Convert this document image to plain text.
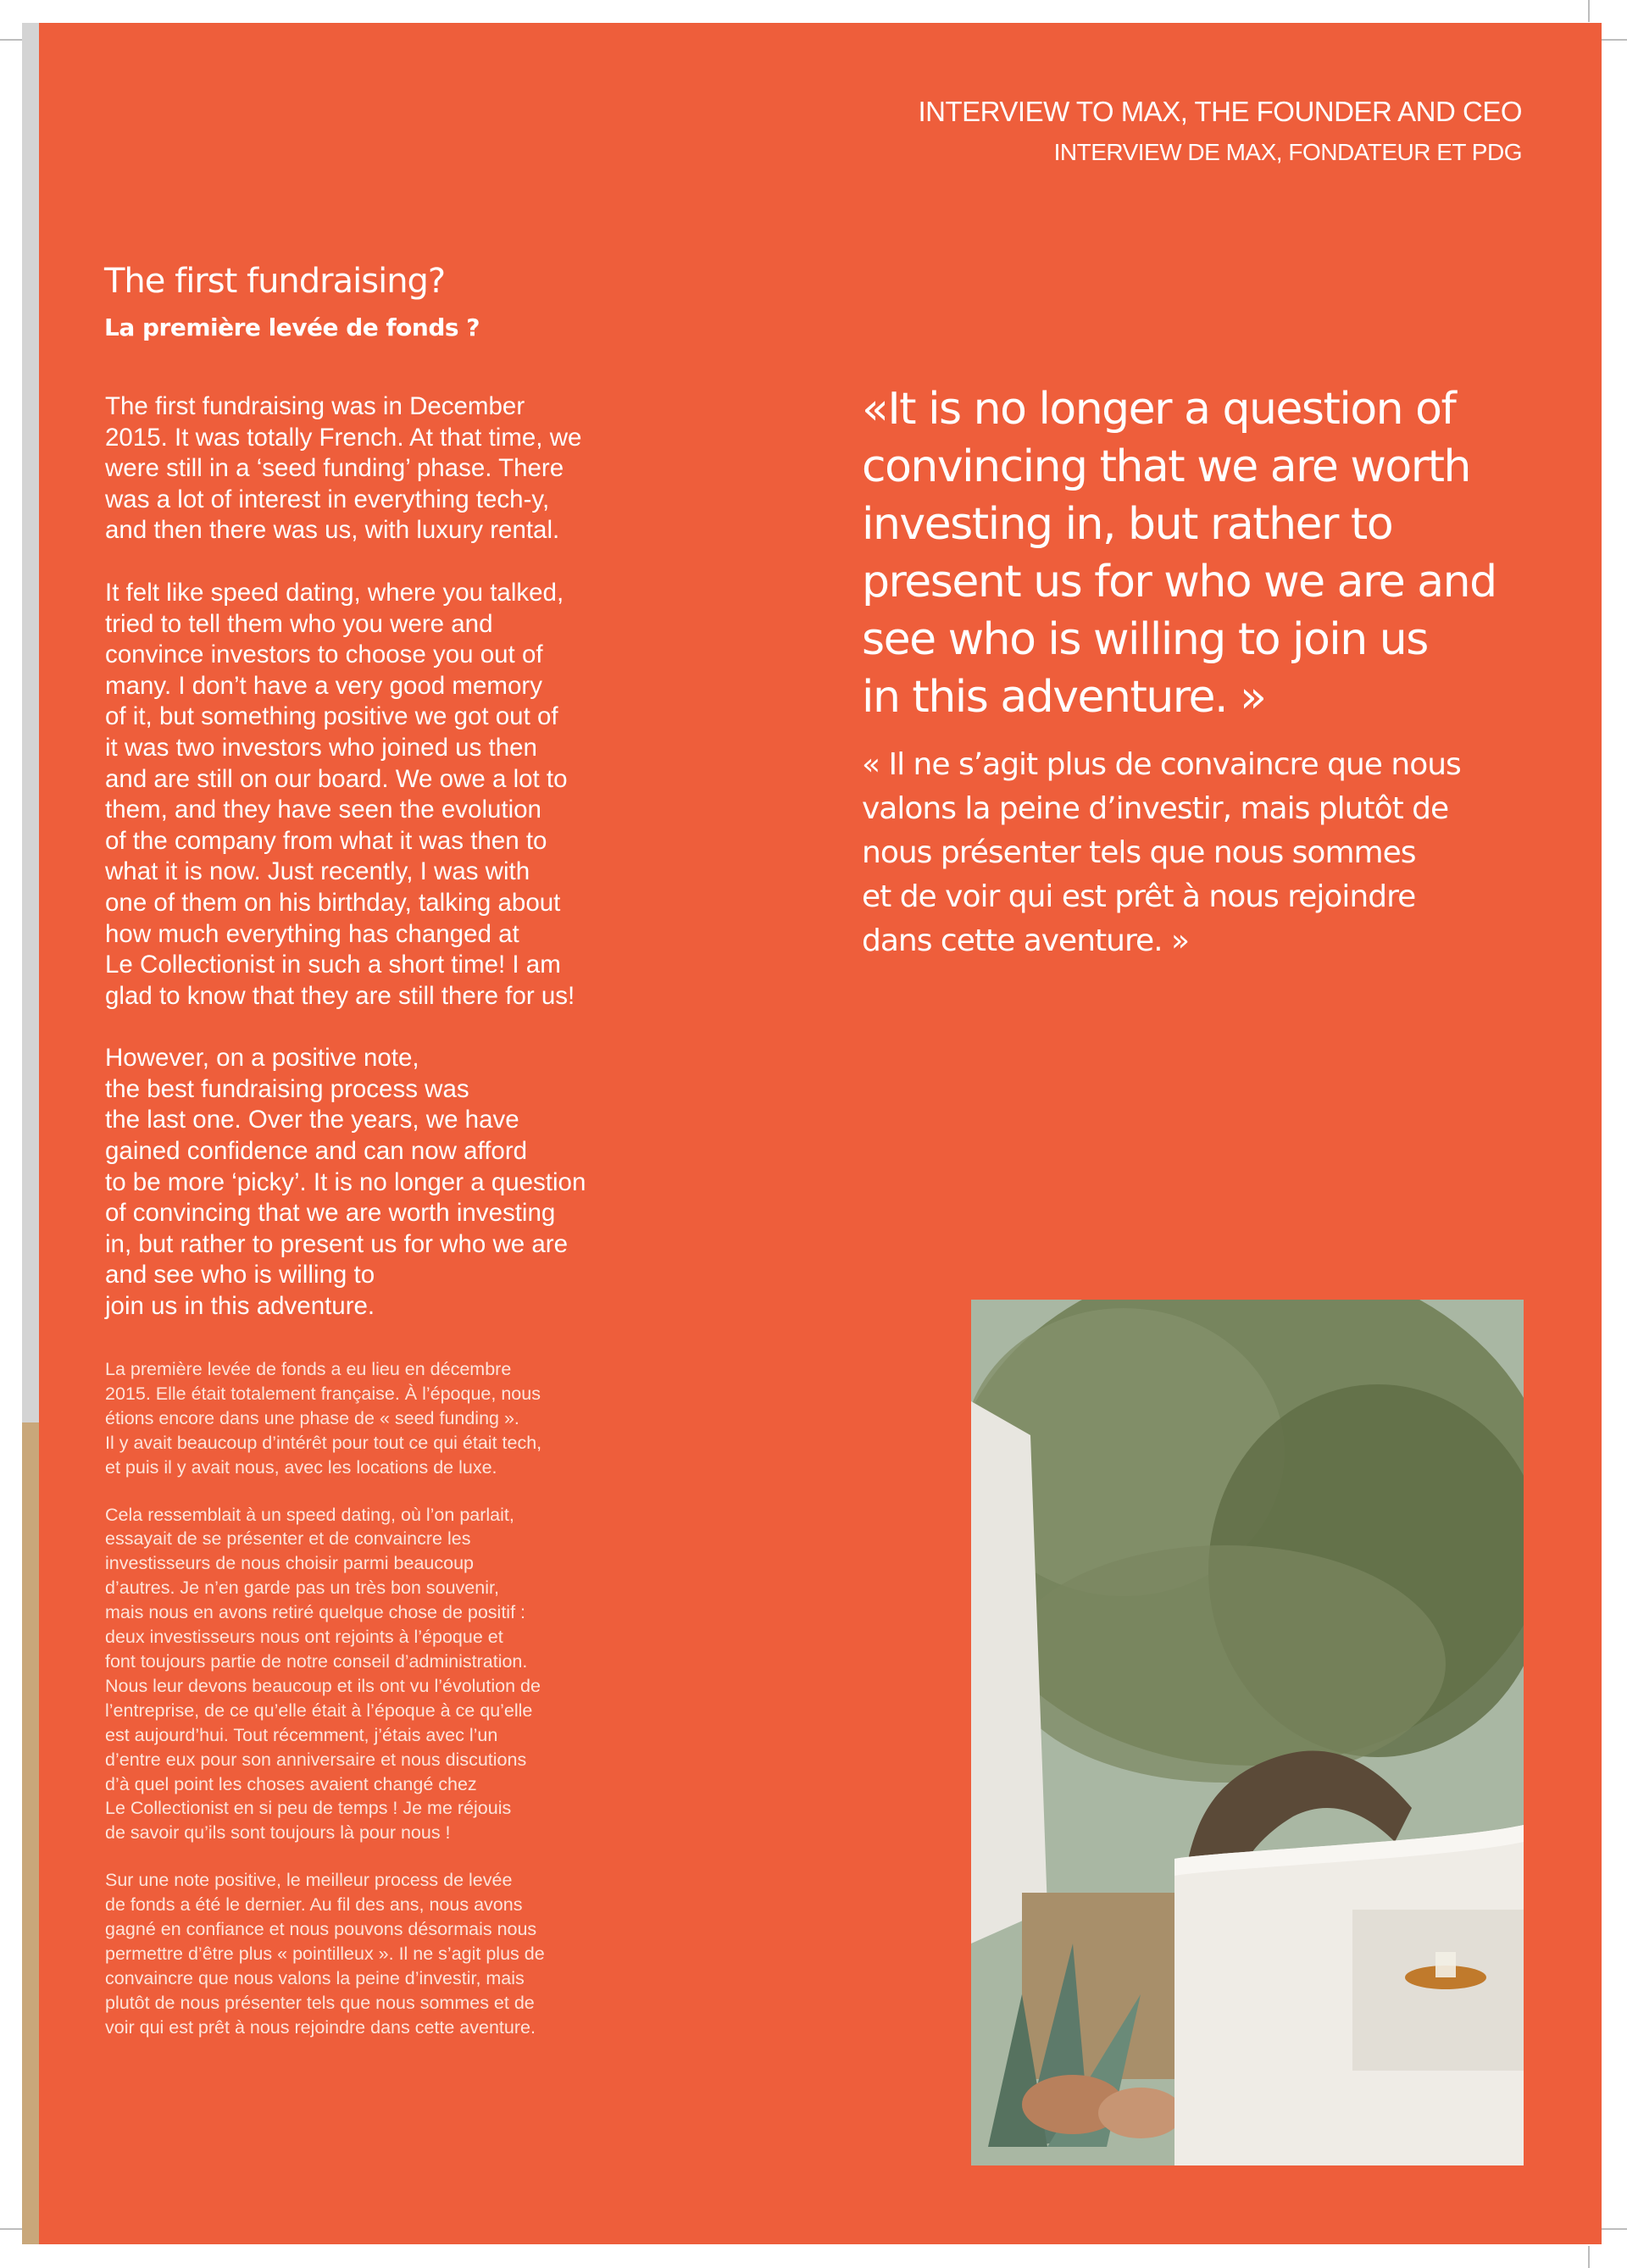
INTERVIEW TO MAX, THE FOUNDER AND CEO
INTERVIEW DE MAX, FONDATEUR ET PDG
The first fundraising?
La première levée de fonds ?

The first fundraising was in December
2015. It was totally French. At that time, we
were still in a ‘seed funding’ phase. There
was a lot of interest in everything tech-y,
and then there was us, with luxury rental.

It felt like speed dating, where you talked,
tried to tell them who you were and
convince investors to choose you out of
many. I don’t have a very good memory
of it, but something positive we got out of
it was two investors who joined us then
and are still on our board. We owe a lot to
them, and they have seen the evolution
of the company from what it was then to
what it is now. Just recently, I was with
one of them on his birthday, talking about
how much everything has changed at
Le Collectionist in such a short time! I am
glad to know that they are still there for us!

However, on a positive note,
the best fundraising process was
the last one. Over the years, we have
gained confidence and can now afford
to be more ‘picky’. It is no longer a question
of convincing that we are worth investing
in, but rather to present us for who we are
and see who is willing to
join us in this adventure.

La première levée de fonds a eu lieu en décembre
2015. Elle était totalement française. À l’époque, nous
étions encore dans une phase de « seed funding ».
Il y avait beaucoup d’intérêt pour tout ce qui était tech,
et puis il y avait nous, avec les locations de luxe.

Cela ressemblait à un speed dating, où l’on parlait,
essayait de se présenter et de convaincre les
investisseurs de nous choisir parmi beaucoup
d’autres. Je n’en garde pas un très bon souvenir,
mais nous en avons retiré quelque chose de positif :
deux investisseurs nous ont rejoints à l’époque et
font toujours partie de notre conseil d’administration.
Nous leur devons beaucoup et ils ont vu l’évolution de
l’entreprise, de ce qu’elle était à l’époque à ce qu’elle
est aujourd’hui. Tout récemment, j’étais avec l’un
d’entre eux pour son anniversaire et nous discutions
d’à quel point les choses avaient changé chez
Le Collectionist en si peu de temps ! Je me réjouis
de savoir qu’ils sont toujours là pour nous !

Sur une note positive, le meilleur process de levée
de fonds a été le dernier. Au fil des ans, nous avons
gagné en confiance et nous pouvons désormais nous
permettre d’être plus « pointilleux ». Il ne s’agit plus de
convaincre que nous valons la peine d’investir, mais
plutôt de nous présenter tels que nous sommes et de
voir qui est prêt à nous rejoindre dans cette aventure.

«It is no longer a question of
convincing that we are worth
investing in, but rather to
present us for who we are and
see who is willing to join us
in this adventure. »

« Il ne s’agit plus de convaincre que nous
valons la peine d’investir, mais plutôt de
nous présenter tels que nous sommes
et de voir qui est prêt à nous rejoindre
dans cette aventure. »
